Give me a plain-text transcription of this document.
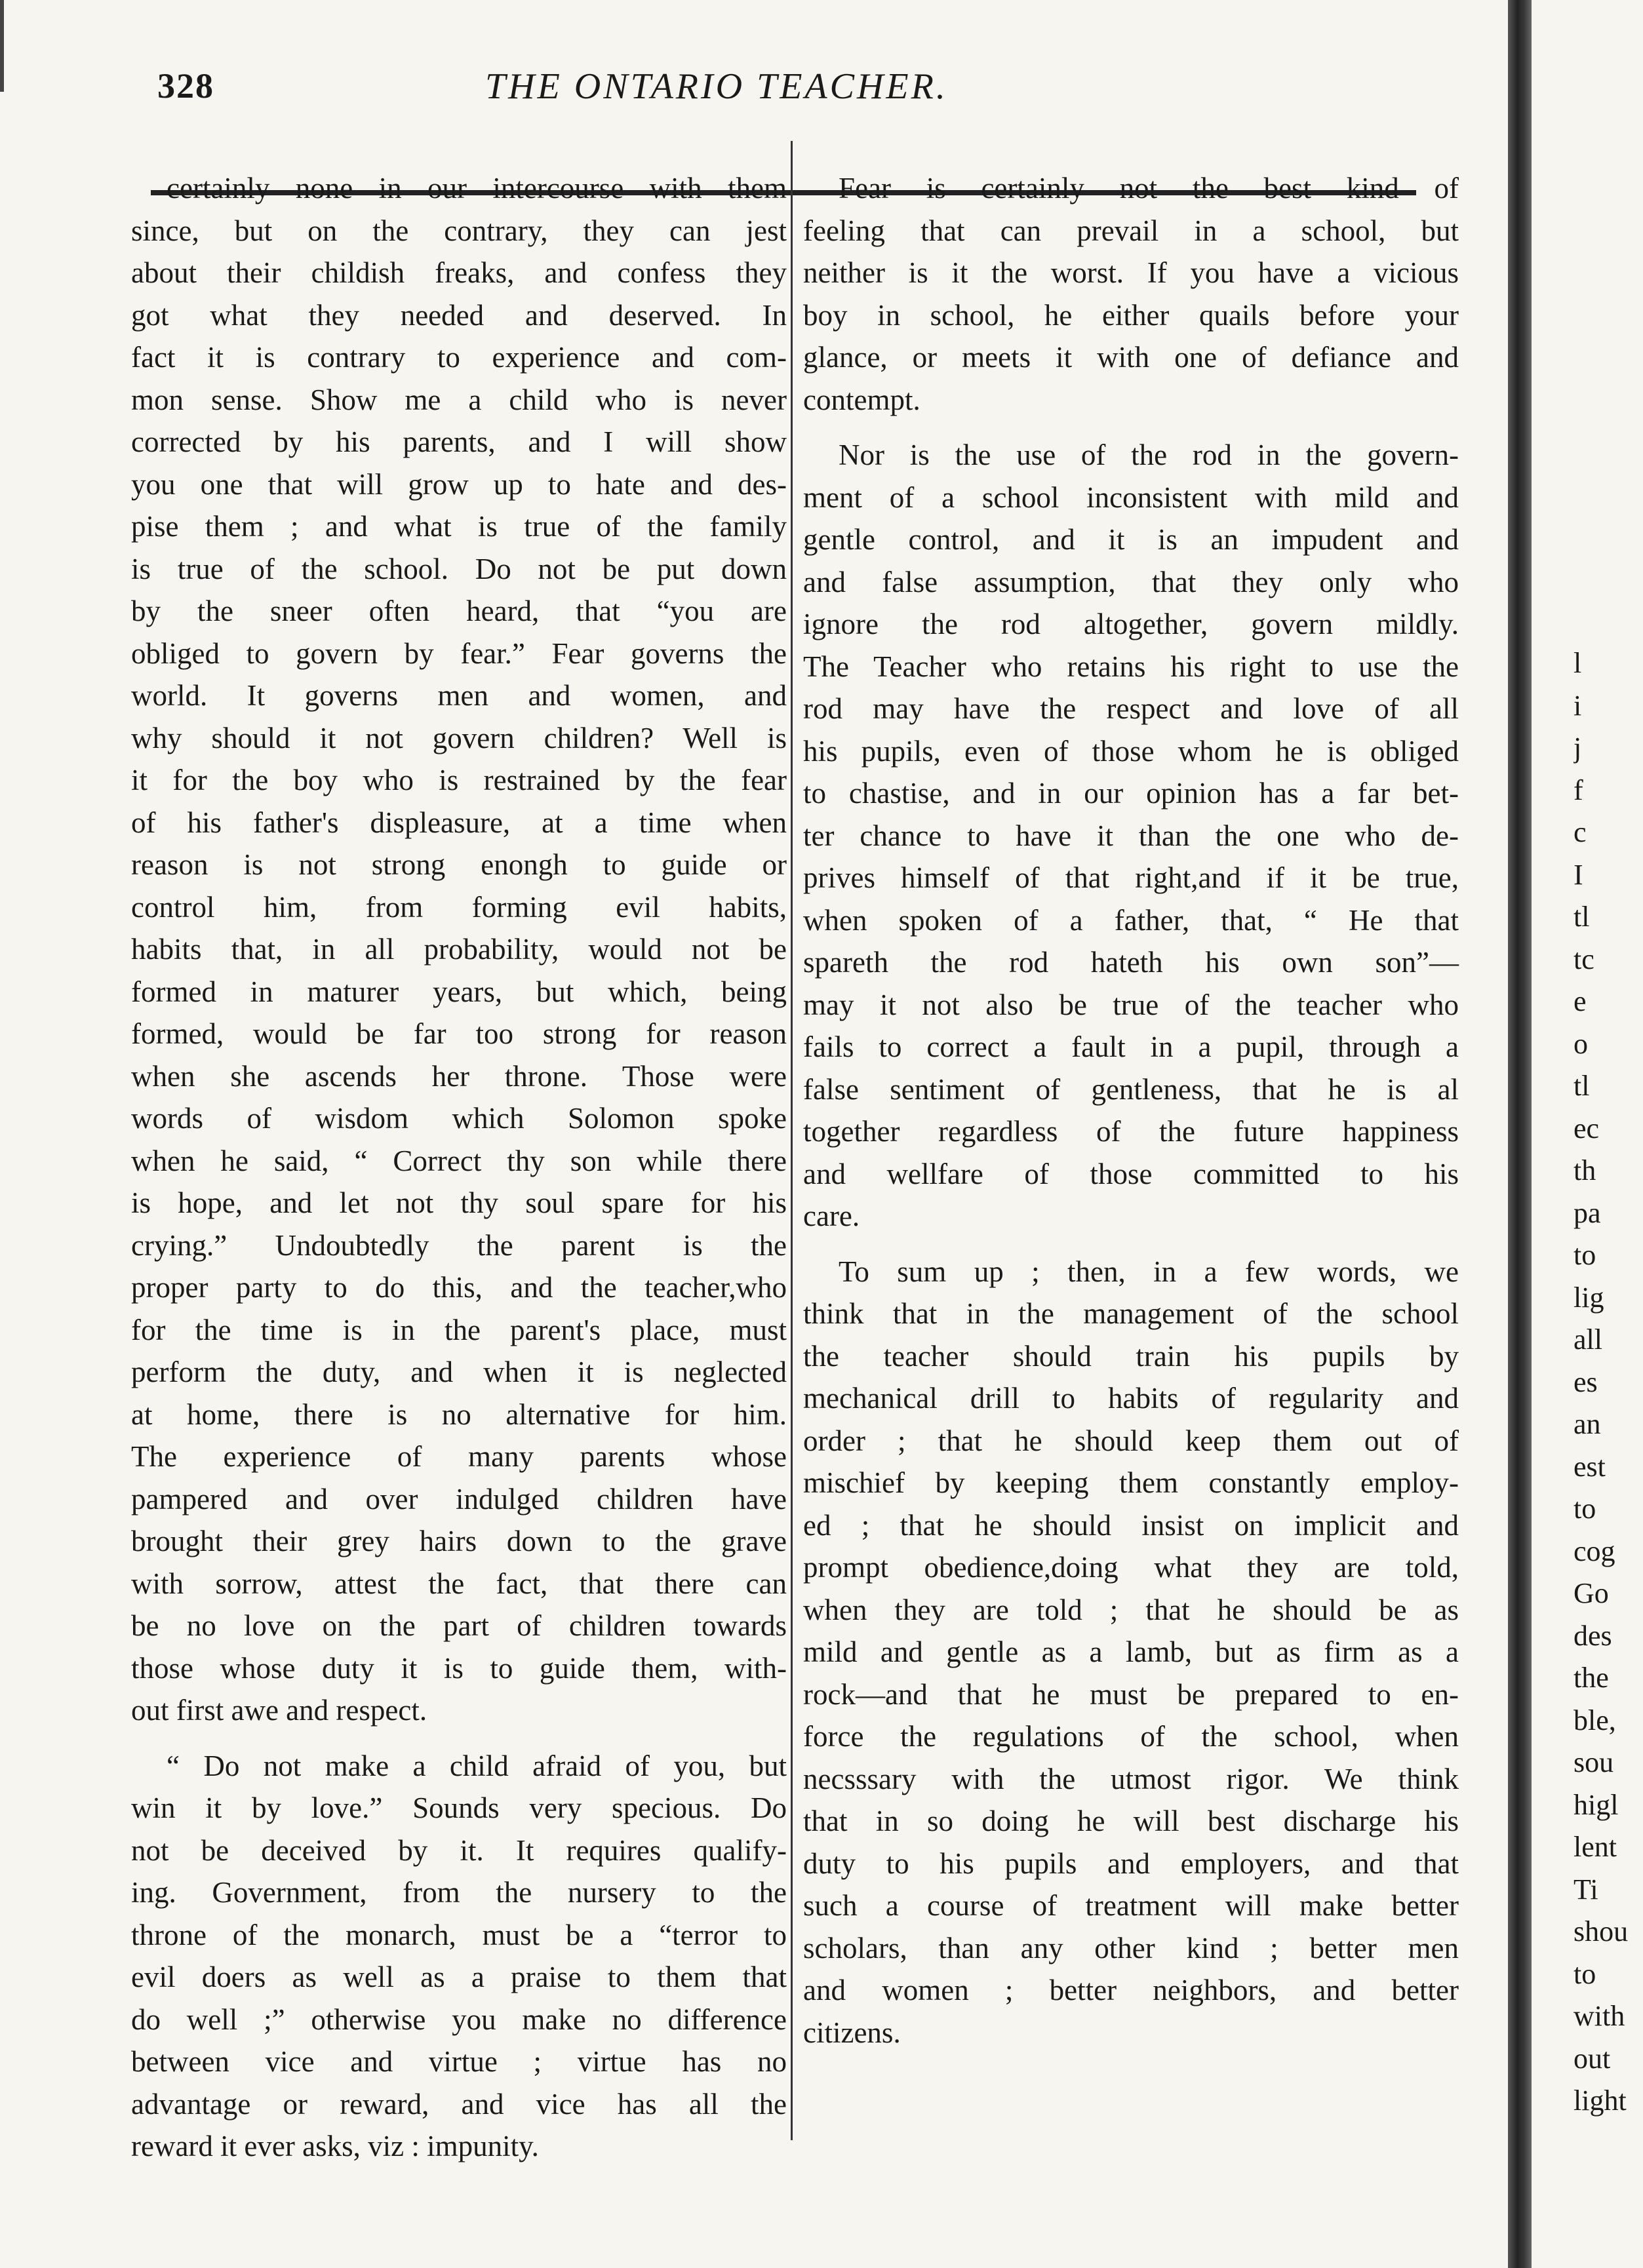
328	THE ONTARIO TEACHER.
certainly none in our intercourse with them
since, but on the contrary, they can jest
about their childish freaks, and confess they
got what they needed and deserved. In
fact it is contrary to experience and com-
mon sense. Show me a child who is never
corrected by his parents, and I will show
you one that will grow up to hate and des-
pise them ; and what is true of the family
is true of the school. Do not be put down
by the sneer often heard, that “you are
obliged to govern by fear.” Fear governs the
world. It governs men and women, and
why should it not govern children? Well is
it for the boy who is restrained by the fear
of his father's displeasure, at a time when
reason is not strong enongh to guide or
control him, from forming evil habits,
habits that, in all probability, would not be
formed in maturer years, but which, being
formed, would be far too strong for reason
when she ascends her throne. Those were
words of wisdom which Solomon spoke
when he said, “ Correct thy son while there
is hope, and let not thy soul spare for his
crying.” Undoubtedly the parent is the
proper party to do this, and the teacher,who
for the time is in the parent's place, must
perform the duty, and when it is neglected
at home, there is no alternative for him.
The experience of many parents whose
pampered and over indulged children have
brought their grey hairs down to the grave
with sorrow, attest the fact, that there can
be no love on the part of children towards
those whose duty it is to guide them, with-
out first awe and respect.
“ Do not make a child afraid of you, but
win it by love.” Sounds very specious. Do
not be deceived by it. It requires qualify-
ing. Government, from the nursery to the
throne of the monarch, must be a “terror to
evil doers as well as a praise to them that
do well ;” otherwise you make no difference
between vice and virtue ; virtue has no
advantage or reward, and vice has all the
reward it ever asks, viz : impunity.
Fear is certainly not the best kind of
feeling that can prevail in a school, but
neither is it the worst. If you have a vicious
boy in school, he either quails before your
glance, or meets it with one of defiance and
contempt.
Nor is the use of the rod in the govern-
ment of a school inconsistent with mild and
gentle control, and it is an impudent and
and false assumption, that they only who
ignore the rod altogether, govern mildly.
The Teacher who retains his right to use the
rod may have the respect and love of all
his pupils, even of those whom he is obliged
to chastise, and in our opinion has a far bet-
ter chance to have it than the one who de-
prives himself of that right,and if it be true,
when spoken of a father, that, “ He that
spareth the rod hateth his own son”—
may it not also be true of the teacher who
fails to correct a fault in a pupil, through a
false sentiment of gentleness, that he is al
together regardless of the future happiness
and wellfare of those committed to his
care.
To sum up ; then, in a few words, we
think that in the management of the school
the teacher should train his pupils by
mechanical drill to habits of regularity and
order ; that he should keep them out of
mischief by keeping them constantly employ-
ed ; that he should insist on implicit and
prompt obedience,doing what they are told,
when they are told ; that he should be as
mild and gentle as a lamb, but as firm as a
rock—and that he must be prepared to en-
force the regulations of the school, when
necsssary with the utmost rigor. We think
that in so doing he will best discharge his
duty to his pupils and employers, and that
such a course of treatment will make better
scholars, than any other kind ; better men
and women ; better neighbors, and better
citizens.
l
i
j
f
c
I
tl
tc
e
o
tl
ec
th
pa
to
lig
all
es
an
est
to
cog
Go
des
the
ble,
sou
higl
lent
Ti
shou
to
with
out
light
